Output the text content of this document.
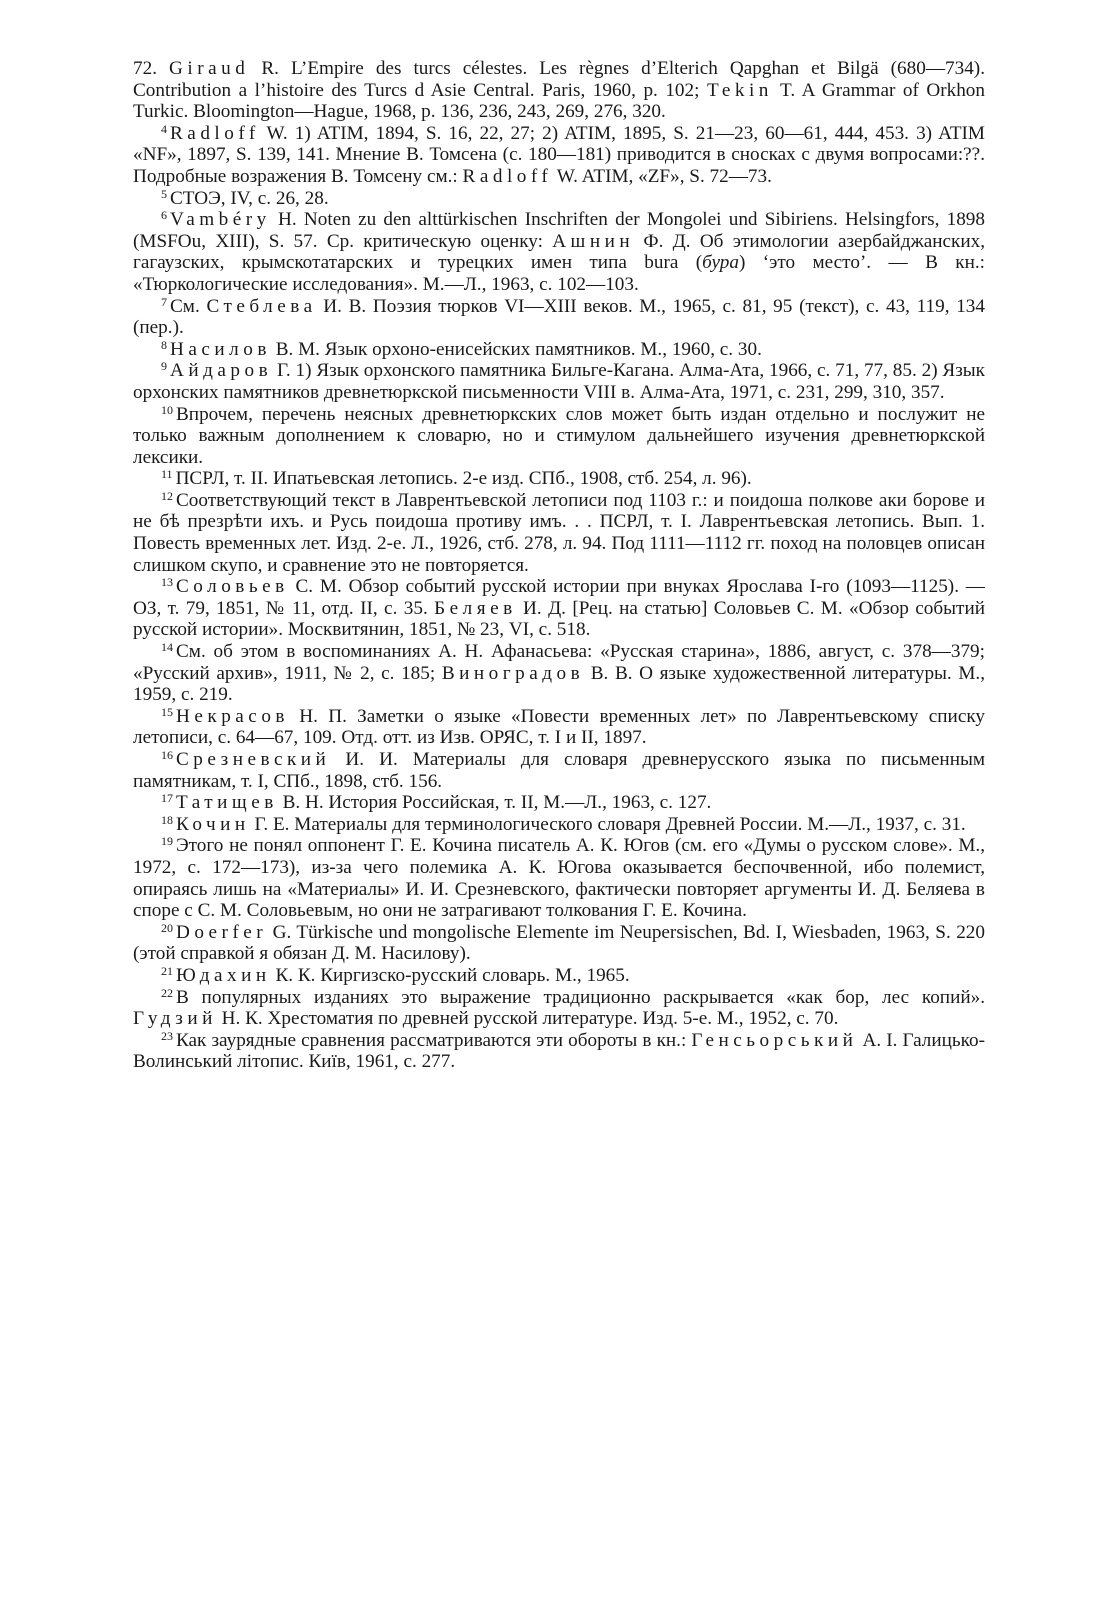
72. Giraud R. L’Empire des turcs célestes. Les règnes d’Elterich Qapghan et Bilgä (680—734). Contribution a l’histoire des Turcs d Asie Central. Paris, 1960, p. 102; Tekin T. A Grammar of Orkhon Turkic. Bloomington—Hague, 1968, p. 136, 236, 243, 269, 276, 320.

$^4$ Radloff W. 1) ATIM, 1894, S. 16, 22, 27; 2) ATIM, 1895, S. 21—23, 60—61, 444, 453. 3) ATIM «NF», 1897, S. 139, 141. Мнение В. Томсена (с. 180—181) приводится в сносках с двумя вопросами:??. Подробные возражения В. Томсену см.: Radloff W. ATIM, «ZF», S. 72—73.

$^5$ СТОЭ, IV, с. 26, 28.

$^6$ Vambéry H. Noten zu den alttürkischen Inschriften der Mongolei und Sibiriens. Helsingfors, 1898 (MSFOu, XIII), S. 57. Ср. критическую оценку: Ашнин Ф. Д. Об этимологии азербайджанских, гагаузских, крымскотатарских и турецких имен типа bura (бура) ‘это место’. — В кн.: «Тюркологические исследования». М.—Л., 1963, с. 102—103.

$^7$ См. Стеблева И. В. Поэзия тюрков VI—XIII веков. М., 1965, с. 81, 95 (текст), с. 43, 119, 134 (пер.).

$^8$ Насилов В. М. Язык орхоно-енисейских памятников. М., 1960, с. 30.

$^9$ Айдаров Г. 1) Язык орхонского памятника Бильге-Кагана. Алма-Ата, 1966, с. 71, 77, 85. 2) Язык орхонских памятников древнетюркской письменности VIII в. Алма-Ата, 1971, с. 231, 299, 310, 357.

$^{10}$ Впрочем, перечень неясных древнетюркских слов может быть издан отдельно и послужит не только важным дополнением к словарю, но и стимулом дальнейшего изучения древнетюркской лексики.

$^{11}$ ПСРЛ, т. II. Ипатьевская летопись. 2-е изд. СПб., 1908, стб. 254, л. 96).

$^{12}$ Соответствующий текст в Лаврентьевской летописи под 1103 г.: и поидоша полкове аки борове и не бѣ презрѣти ихъ. и Русь поидоша противу имъ. . . ПСРЛ, т. I. Лаврентьевская летопись. Вып. 1. Повесть временных лет. Изд. 2-е. Л., 1926, стб. 278, л. 94. Под 1111—1112 гг. поход на половцев описан слишком скупо, и сравнение это не повторяется.

$^{13}$ Соловьев С. М. Обзор событий русской истории при внуках Ярослава I-го (1093—1125). — ОЗ, т. 79, 1851, № 11, отд. II, с. 35. Беляев И. Д. [Рец. на статью] Соловьев С. М. «Обзор событий русской истории». Москвитянин, 1851, № 23, VI, с. 518.

$^{14}$ См. об этом в воспоминаниях А. Н. Афанасьева: «Русская старина», 1886, август, с. 378—379; «Русский архив», 1911, № 2, с. 185; Виноградов В. В. О языке художественной литературы. М., 1959, с. 219.

$^{15}$ Некрасов Н. П. Заметки о языке «Повести временных лет» по Лаврентьевскому списку летописи, с. 64—67, 109. Отд. отт. из Изв. ОРЯС, т. I и II, 1897.

$^{16}$ Срезневский И. И. Материалы для словаря древнерусского языка по письменным памятникам, т. I, СПб., 1898, стб. 156.

$^{17}$ Татищев В. Н. История Российская, т. II, М.—Л., 1963, с. 127.

$^{18}$ Кочин Г. Е. Материалы для терминологического словаря Древней России. М.—Л., 1937, с. 31.

$^{19}$ Этого не понял оппонент Г. Е. Кочина писатель А. К. Югов (см. его «Думы о русском слове». М., 1972, с. 172—173), из-за чего полемика А. К. Югова оказывается беспочвенной, ибо полемист, опираясь лишь на «Материалы» И. И. Срезневского, фактически повторяет аргументы И. Д. Беляева в споре с С. М. Соловьевым, но они не затрагивают толкования Г. Е. Кочина.

$^{20}$ Doerfer G. Türkische und mongolische Elemente im Neupersischen, Bd. I, Wiesbaden, 1963, S. 220 (этой справкой я обязан Д. М. Насилову).

$^{21}$ Юдахин К. К. Киргизско-русский словарь. М., 1965.

$^{22}$ В популярных изданиях это выражение традиционно раскрывается «как бор, лес копий». Гудзий Н. К. Хрестоматия по древней русской литературе. Изд. 5-е. М., 1952, с. 70.

$^{23}$ Как заурядные сравнения рассматриваются эти обороты в кн.: Генсьорський А. І. Галицько-Волинський літопис. Київ, 1961, с. 277.
